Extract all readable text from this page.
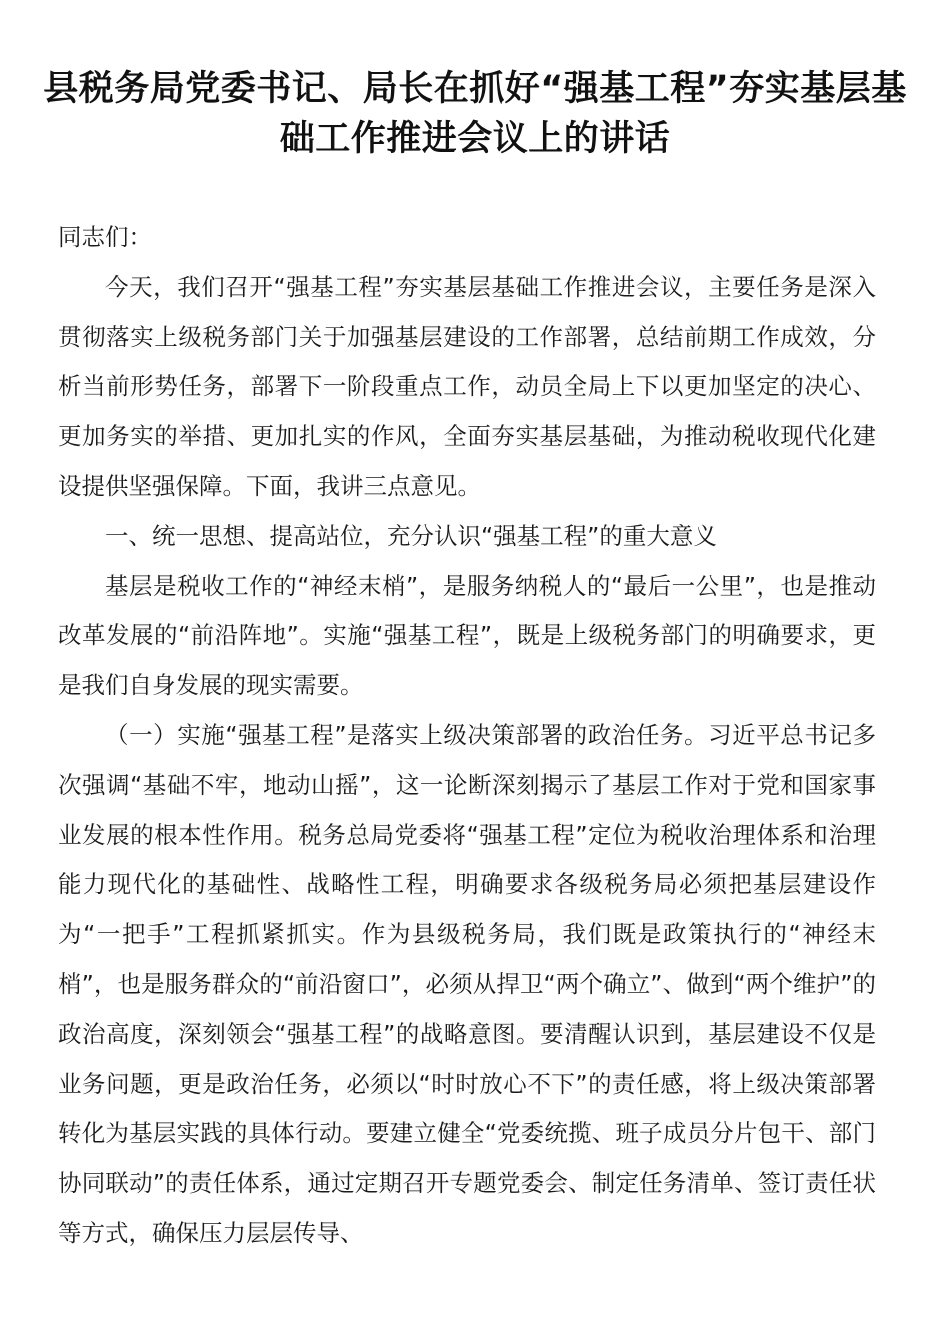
县税务局党委书记、局长在抓好“强基工程”夯实基层基础工作推进会议上的讲话

同志们：

今天，我们召开“强基工程”夯实基层基础工作推进会议，主要任务是深入贯彻落实上级税务部门关于加强基层建设的工作部署，总结前期工作成效，分析当前形势任务，部署下一阶段重点工作，动员全局上下以更加坚定的决心、更加务实的举措、更加扎实的作风，全面夯实基层基础，为推动税收现代化建设提供坚强保障。下面，我讲三点意见。

一、统一思想、提高站位，充分认识“强基工程”的重大意义

基层是税收工作的“神经末梢”，是服务纳税人的“最后一公里”，也是推动改革发展的“前沿阵地”。实施“强基工程”，既是上级税务部门的明确要求，更是我们自身发展的现实需要。

（一）实施“强基工程”是落实上级决策部署的政治任务。习近平总书记多次强调“基础不牢，地动山摇”，这一论断深刻揭示了基层工作对于党和国家事业发展的根本性作用。税务总局党委将“强基工程”定位为税收治理体系和治理能力现代化的基础性、战略性工程，明确要求各级税务局必须把基层建设作为“一把手”工程抓紧抓实。作为县级税务局，我们既是政策执行的“神经末梢”，也是服务群众的“前沿窗口”，必须从捍卫“两个确立”、做到“两个维护”的政治高度，深刻领会“强基工程”的战略意图。要清醒认识到，基层建设不仅是业务问题，更是政治任务，必须以“时时放心不下”的责任感，将上级决策部署转化为基层实践的具体行动。要建立健全“党委统揽、班子成员分片包干、部门协同联动”的责任体系，通过定期召开专题党委会、制定任务清单、签订责任状等方式，确保压力层层传导、
